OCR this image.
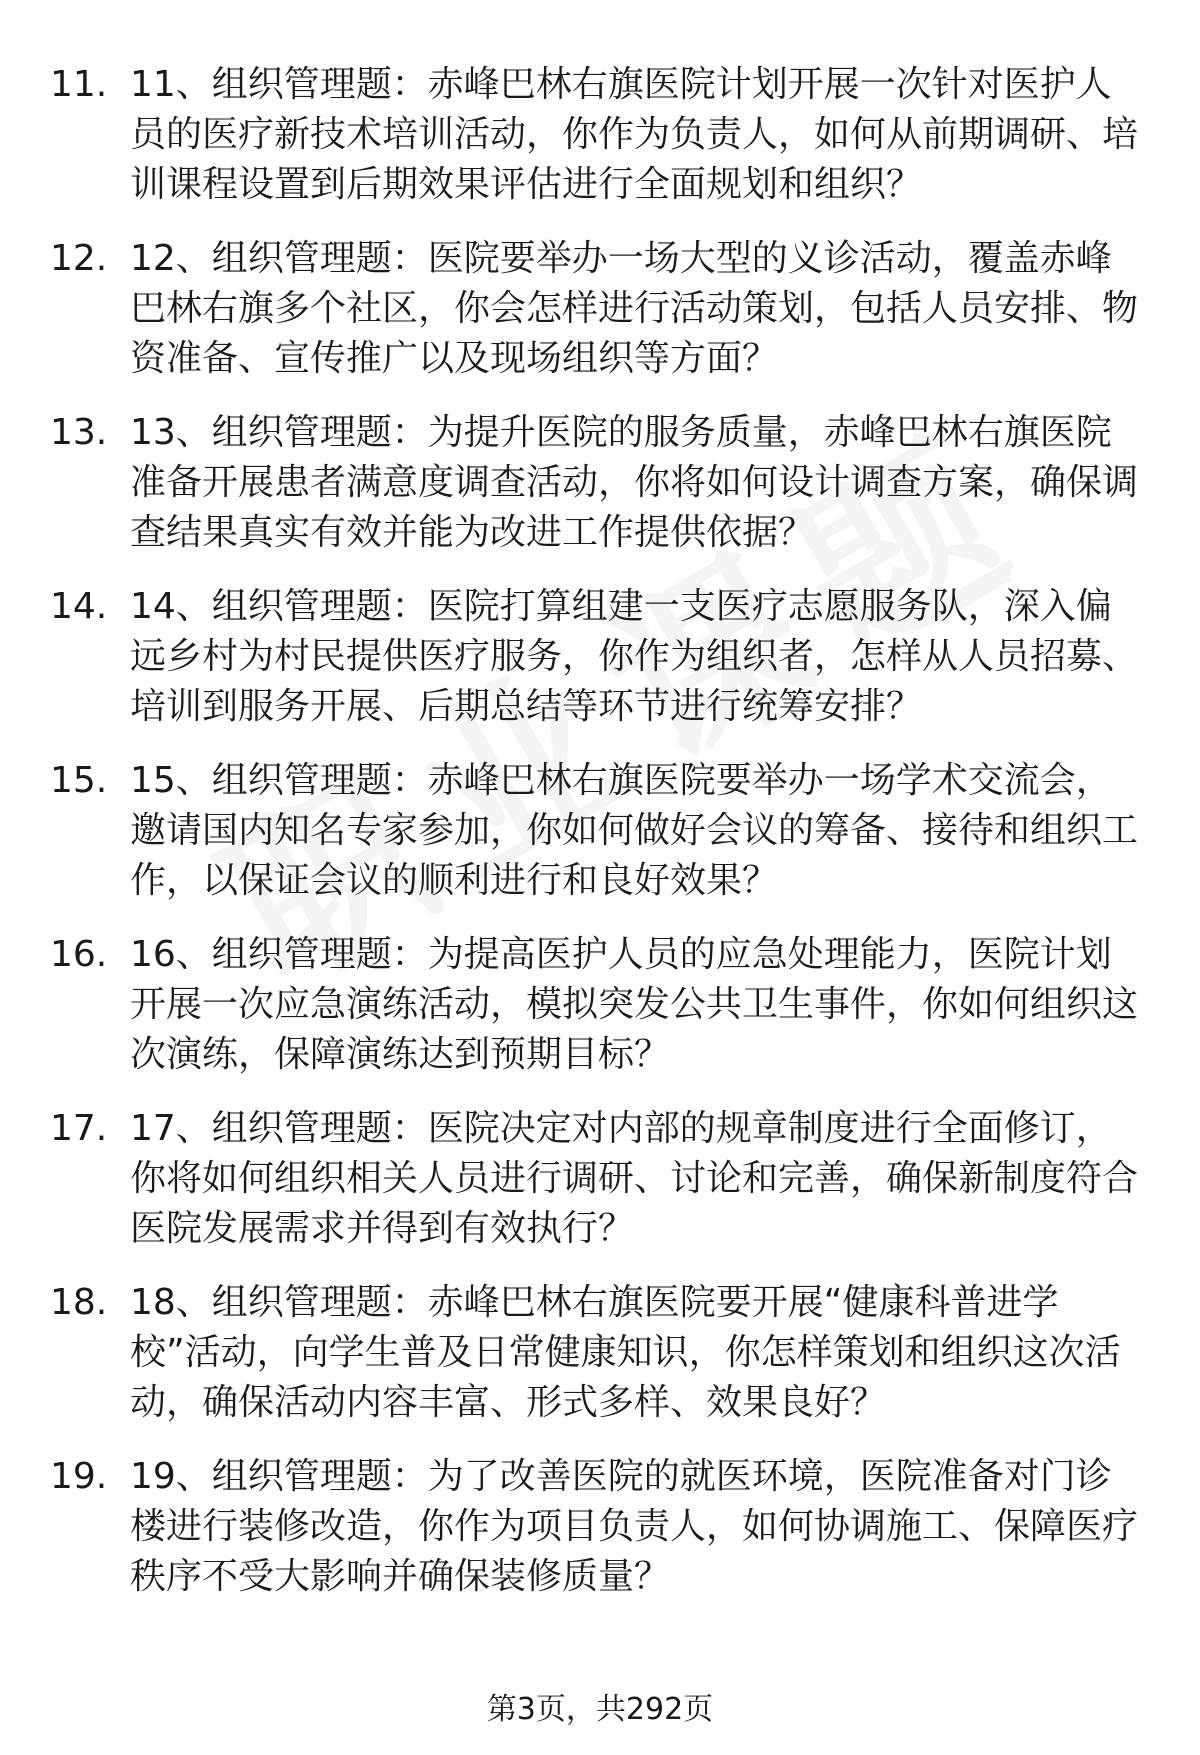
11. 11、组织管理题：赤峰巴林右旗医院计划开展一次针对医护人员的医疗新技术培训活动，你作为负责人，如何从前期调研、培训课程设置到后期效果评估进行全面规划和组织？
12. 12、组织管理题：医院要举办一场大型的义诊活动，覆盖赤峰巴林右旗多个社区，你会怎样进行活动策划，包括人员安排、物资准备、宣传推广以及现场组织等方面？
13. 13、组织管理题：为提升医院的服务质量，赤峰巴林右旗医院准备开展患者满意度调查活动，你将如何设计调查方案，确保调查结果真实有效并能为改进工作提供依据？
14. 14、组织管理题：医院打算组建一支医疗志愿服务队，深入偏远乡村为村民提供医疗服务，你作为组织者，怎样从人员招募、培训到服务开展、后期总结等环节进行统筹安排？
15. 15、组织管理题：赤峰巴林右旗医院要举办一场学术交流会，邀请国内知名专家参加，你如何做好会议的筹备、接待和组织工作，以保证会议的顺利进行和良好效果？
16. 16、组织管理题：为提高医护人员的应急处理能力，医院计划开展一次应急演练活动，模拟突发公共卫生事件，你如何组织这次演练，保障演练达到预期目标？
17. 17、组织管理题：医院决定对内部的规章制度进行全面修订，你将如何组织相关人员进行调研、讨论和完善，确保新制度符合医院发展需求并得到有效执行？
18. 18、组织管理题：赤峰巴林右旗医院要开展“健康科普进学校”活动，向学生普及日常健康知识，你怎样策划和组织这次活动，确保活动内容丰富、形式多样、效果良好？
19. 19、组织管理题：为了改善医院的就医环境，医院准备对门诊楼进行装修改造，你作为项目负责人，如何协调施工、保障医疗秩序不受大影响并确保装修质量？
第3页，共292页
